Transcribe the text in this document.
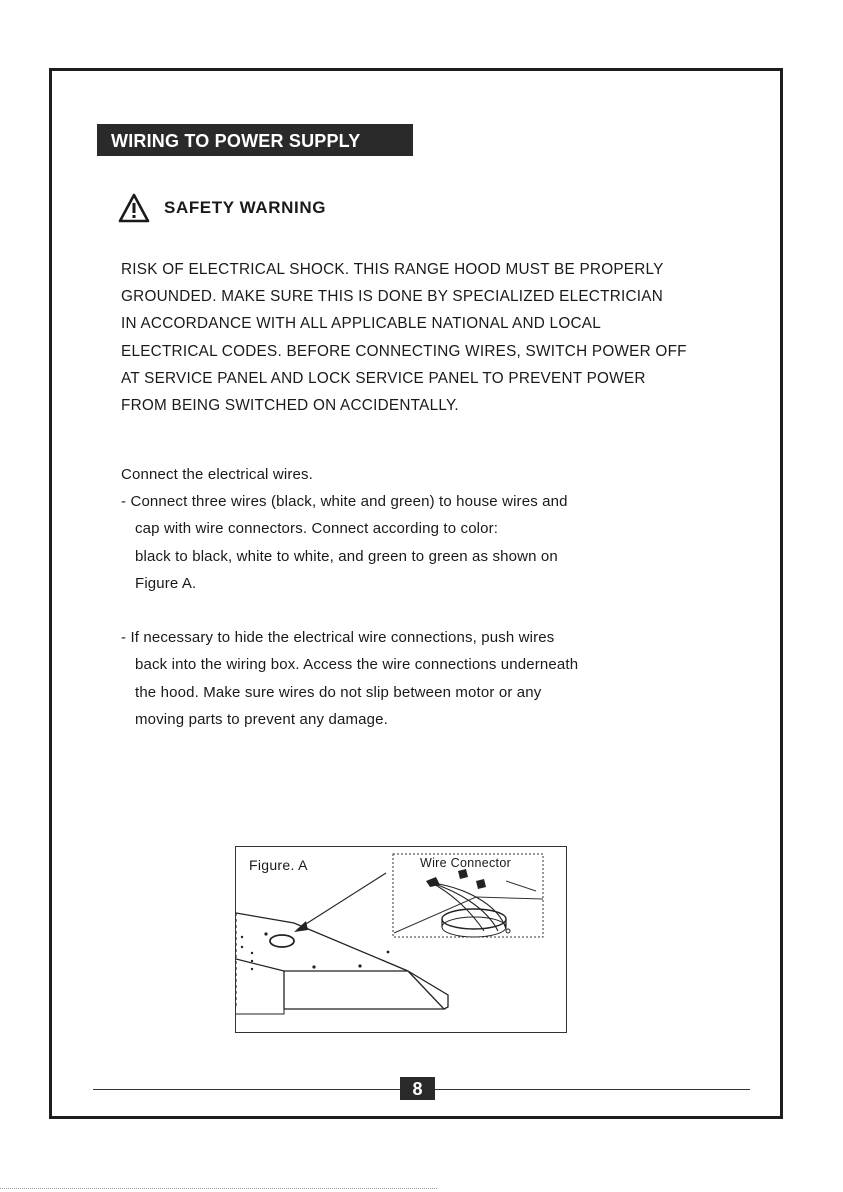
WIRING TO POWER SUPPLY
SAFETY WARNING
RISK OF ELECTRICAL SHOCK. THIS RANGE HOOD MUST BE PROPERLY
GROUNDED. MAKE SURE THIS IS DONE BY SPECIALIZED ELECTRICIAN
IN ACCORDANCE WITH ALL APPLICABLE NATIONAL AND LOCAL
ELECTRICAL CODES. BEFORE CONNECTING WIRES, SWITCH POWER OFF
AT SERVICE PANEL AND LOCK SERVICE PANEL TO PREVENT POWER
FROM BEING SWITCHED ON ACCIDENTALLY.
Connect the electrical wires.
- Connect three wires (black, white and green) to house wires and
cap with wire connectors. Connect according to color:
black to black, white to white, and green to green as shown on
Figure A.
- If necessary to hide the electrical wire connections, push wires
back into the wiring box. Access the wire connections underneath
the hood. Make sure wires do not slip between motor or any
moving parts to prevent any damage.
Figure. A	Wire Connector
8
